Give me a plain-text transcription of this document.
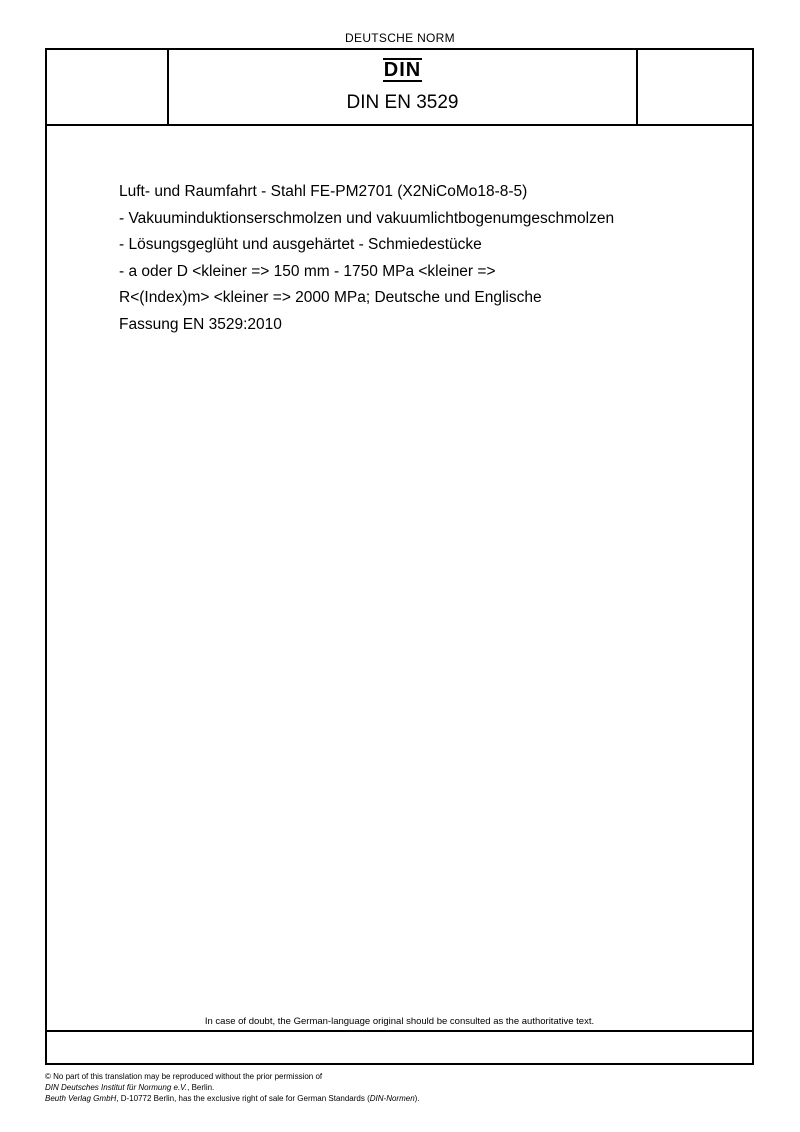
DEUTSCHE NORM
DIN
DIN EN 3529
Luft- und Raumfahrt - Stahl FE-PM2701 (X2NiCoMo18-8-5)
- Vakuuminduktionserschmolzen und vakuumlichtbogenumgeschmolzen
- Lösungsgeglüht und ausgehärtet - Schmiedestücke
- a oder D <kleiner => 150 mm - 1750 MPa <kleiner =>
R<(Index)m> <kleiner => 2000 MPa; Deutsche und Englische
Fassung EN 3529:2010
In case of doubt, the German-language original should be consulted as the authoritative text.
© No part of this translation may be reproduced without the prior permission of
DIN Deutsches Institut für Normung e.V., Berlin.
Beuth Verlag GmbH, D-10772 Berlin, has the exclusive right of sale for German Standards (DIN-Normen).
